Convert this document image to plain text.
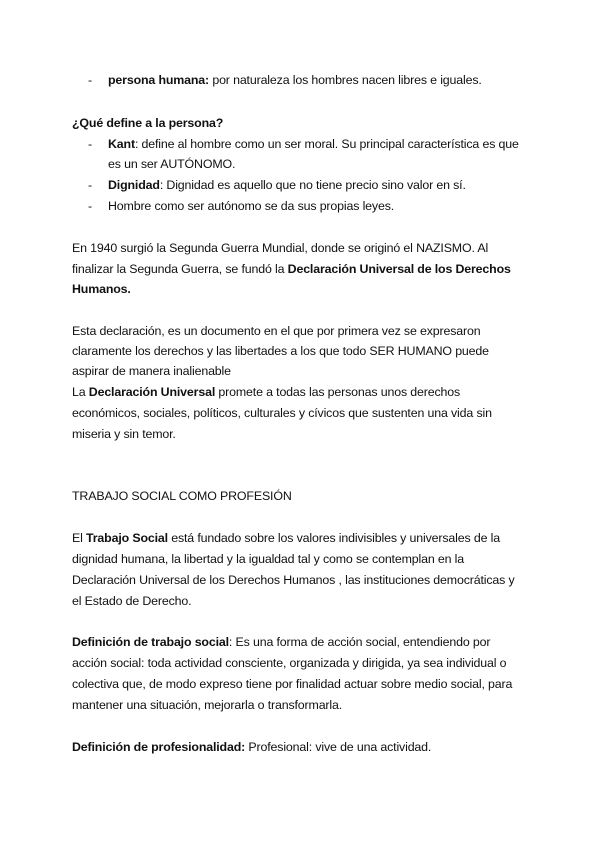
- persona humana: por naturaleza los hombres nacen libres e iguales.
¿Qué define a la persona?
- Kant: define al hombre como un ser moral. Su principal característica es que
es un ser AUTÓNOMO.
- Dignidad: Dignidad es aquello que no tiene precio sino valor en sí.
- Hombre como ser autónomo se da sus propias leyes.
En 1940 surgió la Segunda Guerra Mundial, donde se originó el NAZISMO. Al
finalizar la Segunda Guerra, se fundó la Declaración Universal de los Derechos
Humanos.
Esta declaración, es un documento en el que por primera vez se expresaron
claramente los derechos y las libertades a los que todo SER HUMANO puede
aspirar de manera inalienable
La Declaración Universal promete a todas las personas unos derechos
económicos, sociales, políticos, culturales y cívicos que sustenten una vida sin
miseria y sin temor.
TRABAJO SOCIAL COMO PROFESIÓN
El Trabajo Social está fundado sobre los valores indivisibles y universales de la
dignidad humana, la libertad y la igualdad tal y como se contemplan en la
Declaración Universal de los Derechos Humanos , las instituciones democráticas y
el Estado de Derecho.
Definición de trabajo social: Es una forma de acción social, entendiendo por
acción social: toda actividad consciente, organizada y dirigida, ya sea individual o
colectiva que, de modo expreso tiene por finalidad actuar sobre medio social, para
mantener una situación, mejorarla o transformarla.
Definición de profesionalidad: Profesional: vive de una actividad.
